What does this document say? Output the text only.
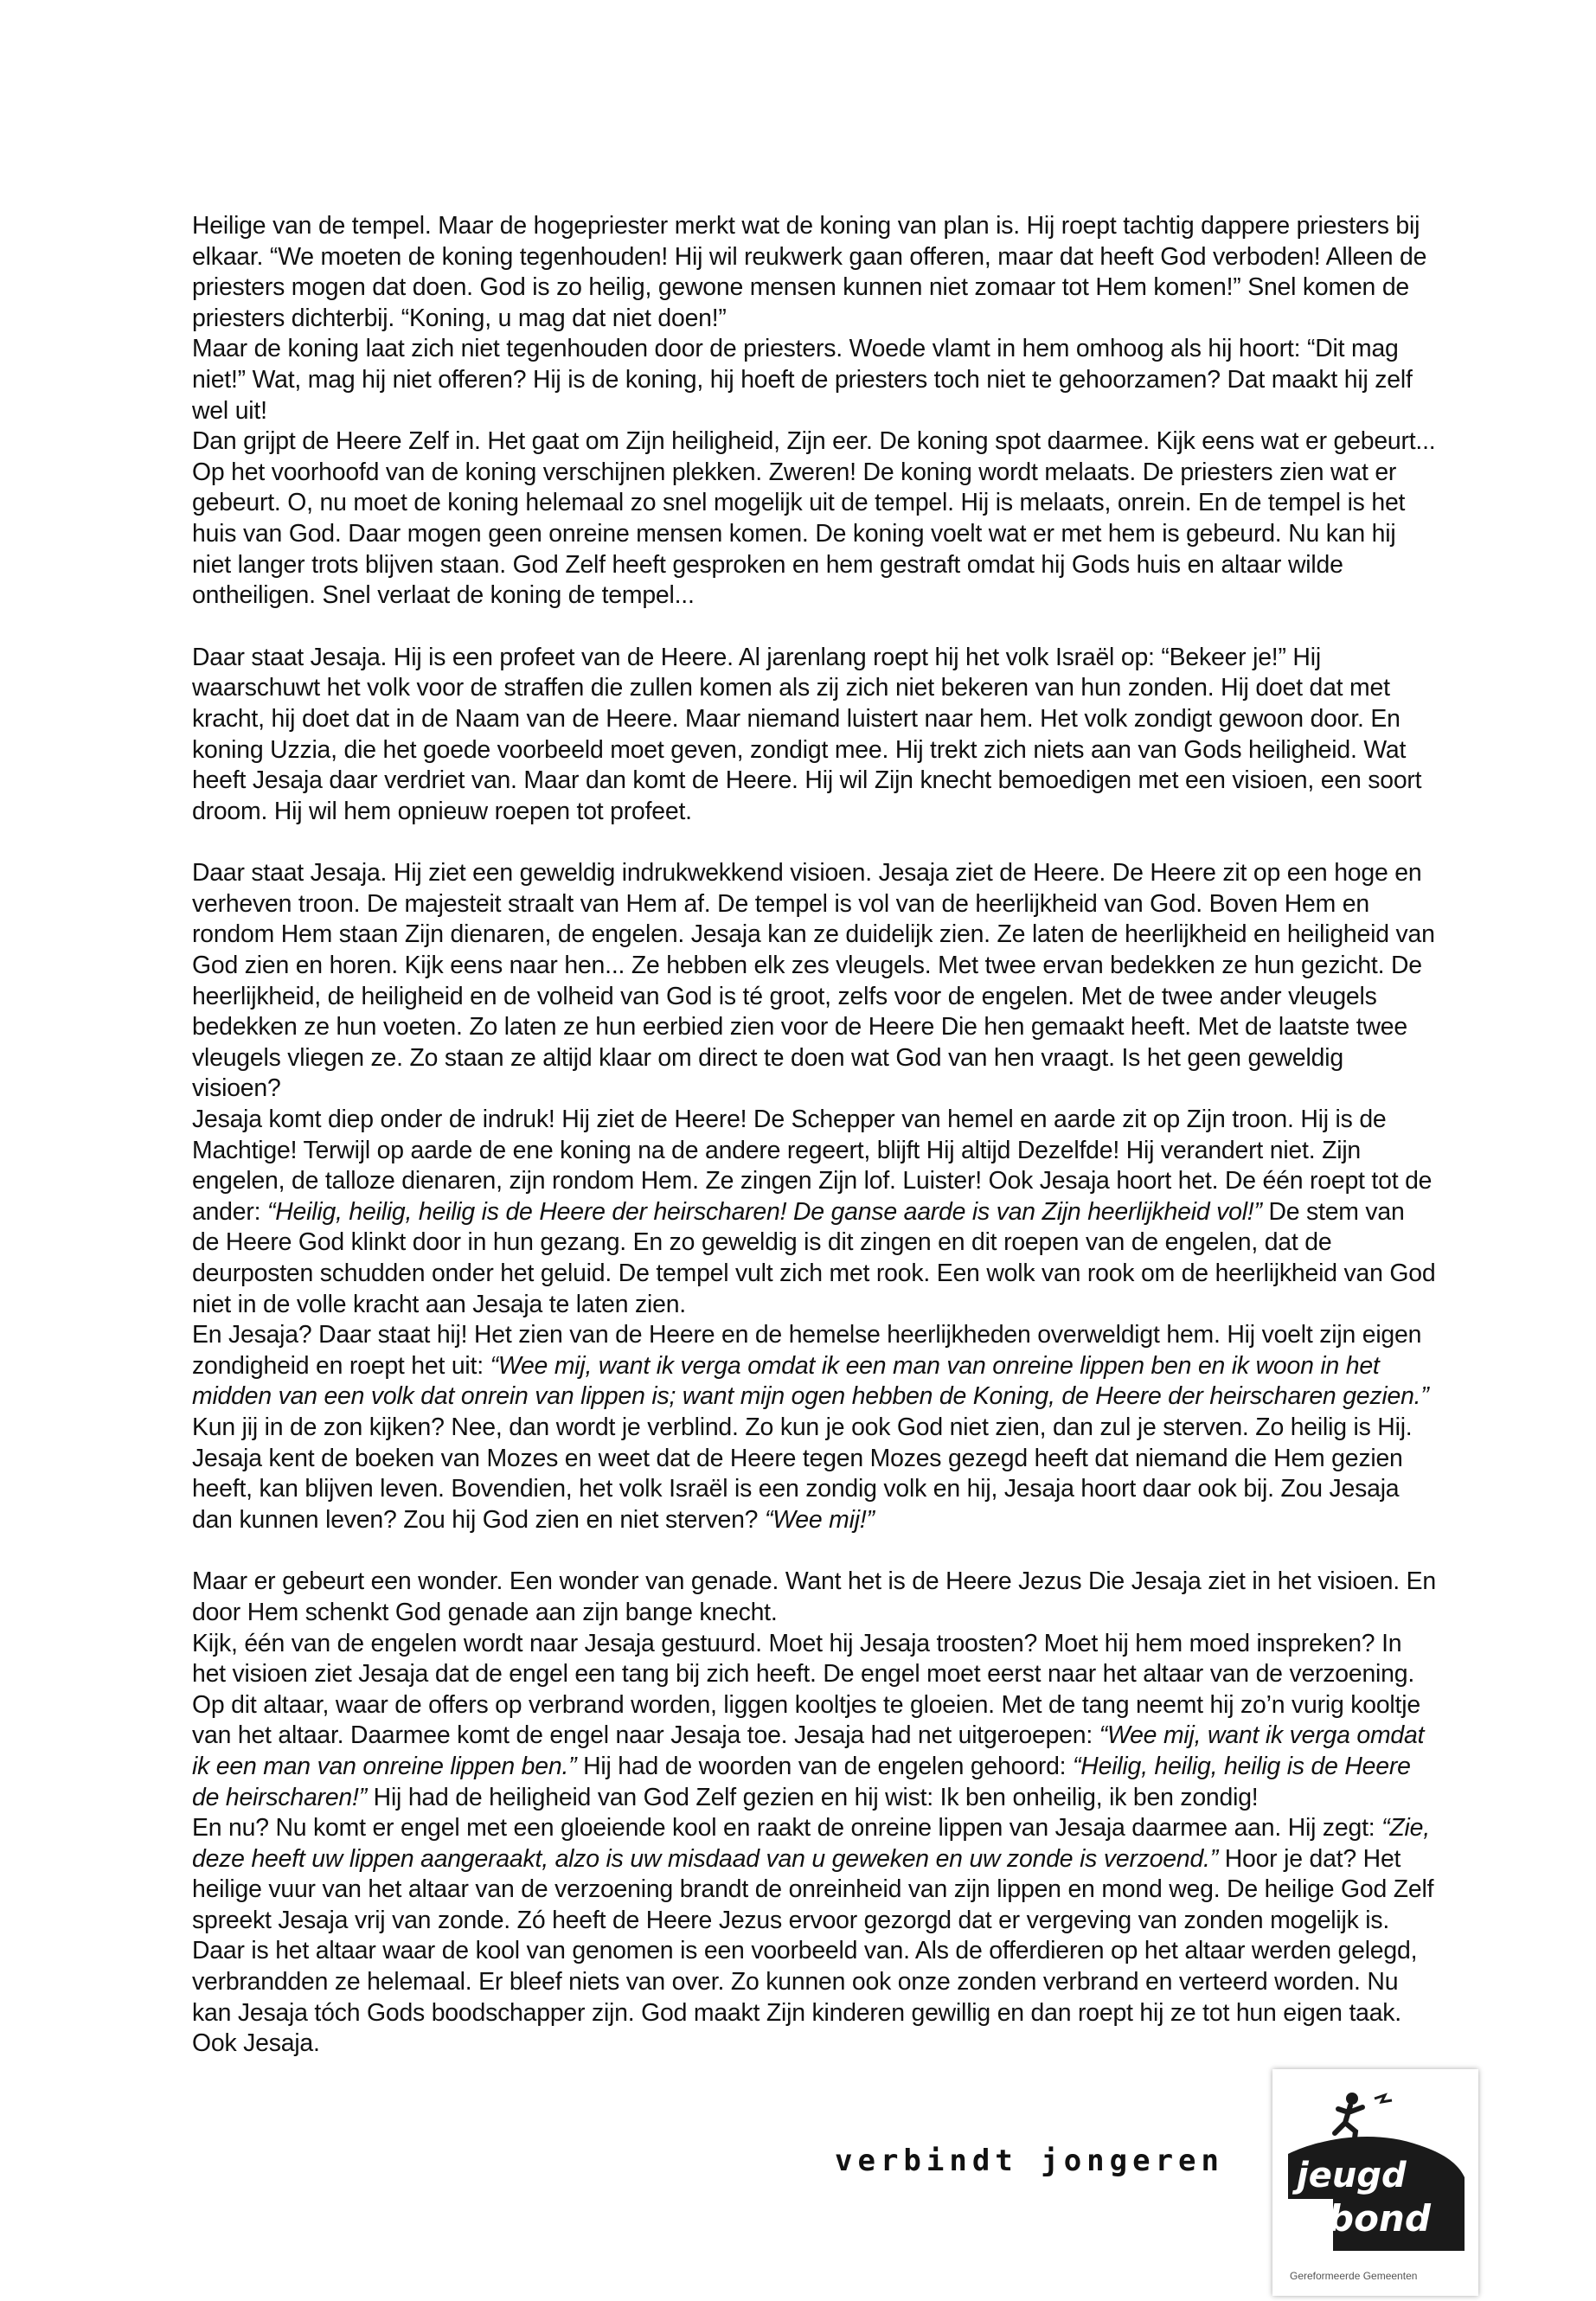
Heilige van de tempel. Maar de hogepriester merkt wat de koning van plan is. Hij roept tachtig dappere priesters bij elkaar. “We moeten de koning tegenhouden! Hij wil reukwerk gaan offeren, maar dat heeft God verboden! Alleen de priesters mogen dat doen. God is zo heilig, gewone mensen kunnen niet zomaar tot Hem komen!” Snel komen de priesters dichterbij. “Koning, u mag dat niet doen!”

Maar de koning laat zich niet tegenhouden door de priesters. Woede vlamt in hem omhoog als hij hoort: “Dit mag niet!” Wat, mag hij niet offeren? Hij is de koning, hij hoeft de priesters toch niet te gehoorzamen? Dat maakt hij zelf wel uit!

Dan grijpt de Heere Zelf in. Het gaat om Zijn heiligheid, Zijn eer. De koning spot daarmee. Kijk eens wat er gebeurt... Op het voorhoofd van de koning verschijnen plekken. Zweren! De koning wordt melaats. De priesters zien wat er gebeurt. O, nu moet de koning helemaal zo snel mogelijk uit de tempel. Hij is melaats, onrein. En de tempel is het huis van God. Daar mogen geen onreine mensen komen. De koning voelt wat er met hem is gebeurd. Nu kan hij niet langer trots blijven staan. God Zelf heeft gesproken en hem gestraft omdat hij Gods huis en altaar wilde ontheiligen. Snel verlaat de koning de tempel...

Daar staat Jesaja. Hij is een profeet van de Heere. Al jarenlang roept hij het volk Israël op: “Bekeer je!” Hij waarschuwt het volk voor de straffen die zullen komen als zij zich niet bekeren van hun zonden. Hij doet dat met kracht, hij doet dat in de Naam van de Heere. Maar niemand luistert naar hem. Het volk zondigt gewoon door. En koning Uzzia, die het goede voorbeeld moet geven, zondigt mee. Hij trekt zich niets aan van Gods heiligheid. Wat heeft Jesaja daar verdriet van. Maar dan komt de Heere. Hij wil Zijn knecht bemoedigen met een visioen, een soort droom. Hij wil hem opnieuw roepen tot profeet.

Daar staat Jesaja. Hij ziet een geweldig indrukwekkend visioen. Jesaja ziet de Heere. De Heere zit op een hoge en verheven troon. De majesteit straalt van Hem af. De tempel is vol van de heerlijkheid van God. Boven Hem en rondom Hem staan Zijn dienaren, de engelen. Jesaja kan ze duidelijk zien. Ze laten de heerlijkheid en heiligheid van God zien en horen. Kijk eens naar hen... Ze hebben elk zes vleugels. Met twee ervan bedekken ze hun gezicht. De heerlijkheid, de heiligheid en de volheid van God is té groot, zelfs voor de engelen. Met de twee ander vleugels bedekken ze hun voeten. Zo laten ze hun eerbied zien voor de Heere Die hen gemaakt heeft. Met de laatste twee vleugels vliegen ze. Zo staan ze altijd klaar om direct te doen wat God van hen vraagt. Is het geen geweldig visioen?

Jesaja komt diep onder de indruk! Hij ziet de Heere! De Schepper van hemel en aarde zit op Zijn troon. Hij is de Machtige! Terwijl op aarde de ene koning na de andere regeert, blijft Hij altijd Dezelfde! Hij verandert niet. Zijn engelen, de talloze dienaren, zijn rondom Hem. Ze zingen Zijn lof. Luister! Ook Jesaja hoort het. De één roept tot de ander: “Heilig, heilig, heilig is de Heere der heirscharen! De ganse aarde is van Zijn heerlijkheid vol!” De stem van de Heere God klinkt door in hun gezang. En zo geweldig is dit zingen en dit roepen van de engelen, dat de deurposten schudden onder het geluid. De tempel vult zich met rook. Een wolk van rook om de heerlijkheid van God niet in de volle kracht aan Jesaja te laten zien.

En Jesaja? Daar staat hij! Het zien van de Heere en de hemelse heerlijkheden overweldigt hem. Hij voelt zijn eigen zondigheid en roept het uit: “Wee mij, want ik verga omdat ik een man van onreine lippen ben en ik woon in het midden van een volk dat onrein van lippen is; want mijn ogen hebben de Koning, de Heere der heirscharen gezien.” Kun jij in de zon kijken? Nee, dan wordt je verblind. Zo kun je ook God niet zien, dan zul je sterven. Zo heilig is Hij. Jesaja kent de boeken van Mozes en weet dat de Heere tegen Mozes gezegd heeft dat niemand die Hem gezien heeft, kan blijven leven. Bovendien, het volk Israël is een zondig volk en hij, Jesaja hoort daar ook bij. Zou Jesaja dan kunnen leven? Zou hij God zien en niet sterven? “Wee mij!”

Maar er gebeurt een wonder. Een wonder van genade. Want het is de Heere Jezus Die Jesaja ziet in het visioen. En door Hem schenkt God genade aan zijn bange knecht.

Kijk, één van de engelen wordt naar Jesaja gestuurd. Moet hij Jesaja troosten? Moet hij hem moed inspreken? In het visioen ziet Jesaja dat de engel een tang bij zich heeft. De engel moet eerst naar het altaar van de verzoening. Op dit altaar, waar de offers op verbrand worden, liggen kooltjes te gloeien. Met de tang neemt hij zo’n vurig kooltje van het altaar. Daarmee komt de engel naar Jesaja toe. Jesaja had net uitgeroepen: “Wee mij, want ik verga omdat ik een man van onreine lippen ben.” Hij had de woorden van de engelen gehoord: “Heilig, heilig, heilig is de Heere de heirscharen!” Hij had de heiligheid van God Zelf gezien en hij wist: Ik ben onheilig, ik ben zondig!

En nu? Nu komt er engel met een gloeiende kool en raakt de onreine lippen van Jesaja daarmee aan. Hij zegt: “Zie, deze heeft uw lippen aangeraakt, alzo is uw misdaad van u geweken en uw zonde is verzoend.” Hoor je dat? Het heilige vuur van het altaar van de verzoening brandt de onreinheid van zijn lippen en mond weg. De heilige God Zelf spreekt Jesaja vrij van zonde. Zó heeft de Heere Jezus ervoor gezorgd dat er vergeving van zonden mogelijk is. Daar is het altaar waar de kool van genomen is een voorbeeld van. Als de offerdieren op het altaar werden gelegd, verbrandden ze helemaal. Er bleef niets van over. Zo kunnen ook onze zonden verbrand en verteerd worden. Nu kan Jesaja tóch Gods boodschapper zijn. God maakt Zijn kinderen gewillig en dan roept hij ze tot hun eigen taak. Ook Jesaja.

verbindt jongeren jeugd
bond
Gereformeerde Gemeenten
